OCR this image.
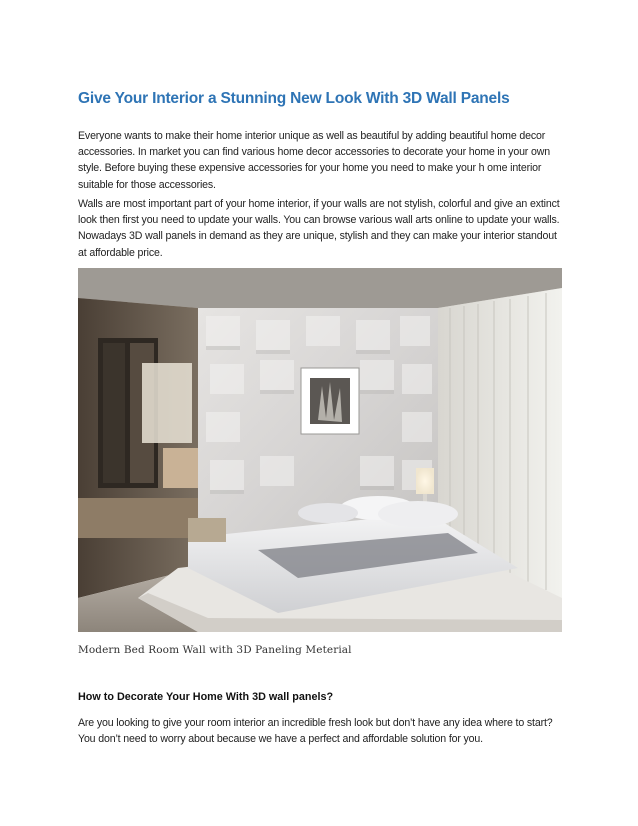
Give Your Interior a Stunning New Look With 3D Wall Panels

Everyone wants to make their home interior unique as well as beautiful by adding beautiful home decor accessories. In market you can find various home decor accessories to decorate your home in your own style. Before buying these expensive accessories for your home you need to make your h ome interior suitable for those accessories.

Walls are most important part of your home interior, if your walls are not stylish, colorful and give an extinct look then first you need to update your walls. You can browse various wall arts online to update your walls. Nowadays 3D wall panels in demand as they are unique, stylish and they can make your interior standout at affordable price.

Modern Bed Room Wall with 3D Paneling Meterial

How to Decorate Your Home With 3D wall panels?

Are you looking to give your room interior an incredible fresh look but don’t have any idea where to start? You don’t need to worry about because we have a perfect and affordable solution for you.
